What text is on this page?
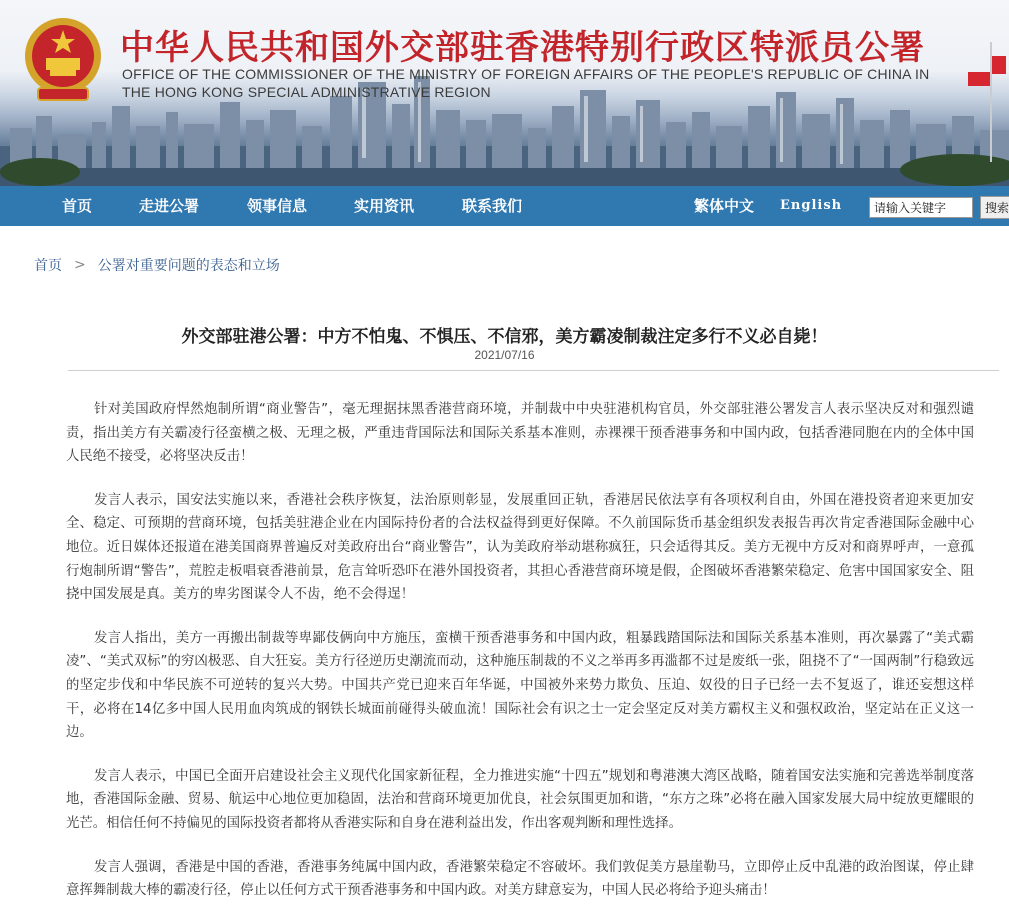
中华人民共和国外交部驻香港特别行政区特派员公署
OFFICE OF THE COMMISSIONER OF THE MINISTRY OF FOREIGN AFFAIRS OF THE PEOPLE'S REPUBLIC OF CHINA IN
THE HONG KONG SPECIAL ADMINISTRATIVE REGION
首页	走进公署	领事信息	实用资讯	联系我们	繁体中文 English
请输入关键字	搜索
首页 > 公署对重要问题的表态和立场
外交部驻港公署：中方不怕鬼、不惧压、不信邪，美方霸凌制裁注定多行不义必自毙！
2021/07/16

针对美国政府悍然炮制所谓“商业警告”，毫无理据抹黑香港营商环境，并制裁中中央驻港机构官员，外交部驻港公署发言人表示坚决反对和强烈谴责，指出美方有关霸凌行径蛮横之极、无理之极，严重违背国际法和国际关系基本准则，赤裸裸干预香港事务和中国内政，包括香港同胞在内的全体中国人民绝不接受，必将坚决反击！

发言人表示，国安法实施以来，香港社会秩序恢复，法治原则彰显，发展重回正轨，香港居民依法享有各项权利自由，外国在港投资者迎来更加安全、稳定、可预期的营商环境，包括美驻港企业在内国际持份者的合法权益得到更好保障。不久前国际货币基金组织发表报告再次肯定香港国际金融中心地位。近日媒体还报道在港美国商界普遍反对美政府出台“商业警告”，认为美政府举动堪称疯狂，只会适得其反。美方无视中方反对和商界呼声，一意孤行炮制所谓“警告”，荒腔走板唱衰香港前景，危言耸听恐吓在港外国投资者，其担心香港营商环境是假，企图破坏香港繁荣稳定、危害中国国家安全、阻挠中国发展是真。美方的卑劣图谋令人不齿，绝不会得逞！

发言人指出，美方一再搬出制裁等卑鄙伎俩向中方施压，蛮横干预香港事务和中国内政，粗暴践踏国际法和国际关系基本准则，再次暴露了“美式霸凌”、“美式双标”的穷凶极恶、自大狂妄。美方行径逆历史潮流而动，这种施压制裁的不义之举再多再滥都不过是废纸一张，阻挠不了“一国两制”行稳致远的坚定步伐和中华民族不可逆转的复兴大势。中国共产党已迎来百年华诞，中国被外来势力欺负、压迫、奴役的日子已经一去不复返了，谁还妄想这样干，必将在14亿多中国人民用血肉筑成的钢铁长城面前碰得头破血流！国际社会有识之士一定会坚定反对美方霸权主义和强权政治，坚定站在正义这一边。

发言人表示，中国已全面开启建设社会主义现代化国家新征程，全力推进实施“十四五”规划和粤港澳大湾区战略，随着国安法实施和完善选举制度落地，香港国际金融、贸易、航运中心地位更加稳固，法治和营商环境更加优良，社会氛围更加和谐，“东方之珠”必将在融入国家发展大局中绽放更耀眼的光芒。相信任何不持偏见的国际投资者都将从香港实际和自身在港利益出发，作出客观判断和理性选择。

发言人强调，香港是中国的香港，香港事务纯属中国内政，香港繁荣稳定不容破坏。我们敦促美方悬崖勒马，立即停止反中乱港的政治图谋，停止肆意挥舞制裁大棒的霸凌行径，停止以任何方式干预香港事务和中国内政。对美方肆意妄为，中国人民必将给予迎头痛击！
